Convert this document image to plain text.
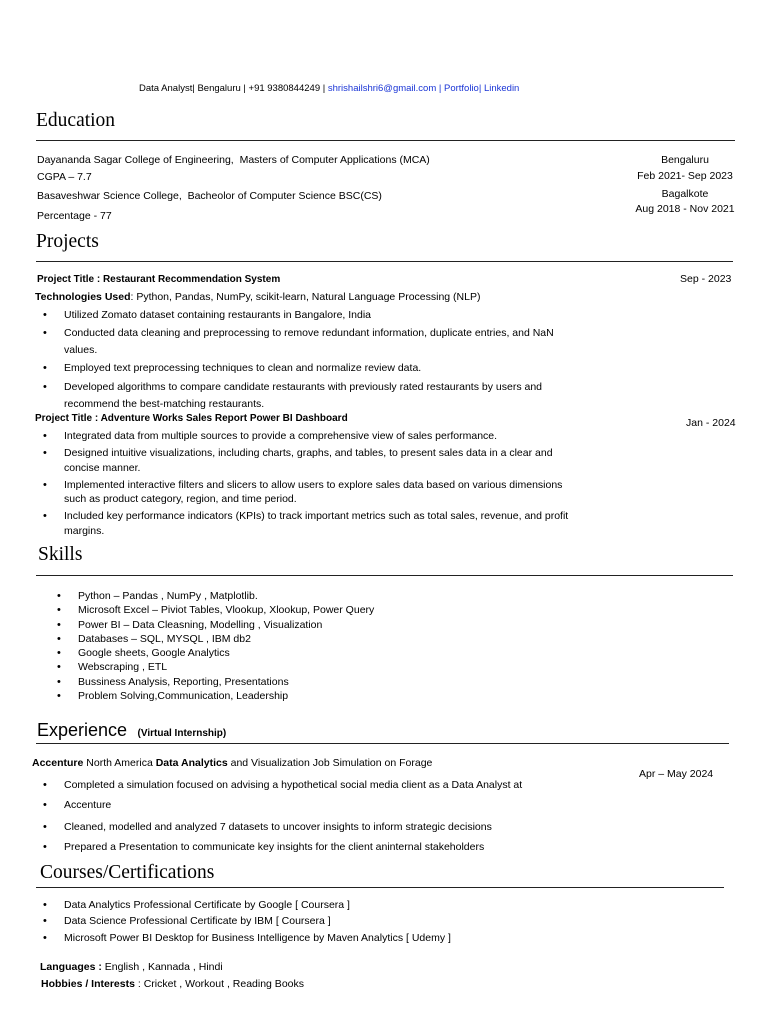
Data Analyst| Bengaluru | +91 9380844249 | shrishailshri6@gmail.com | Portfolio| Linkedin
Education
Dayananda Sagar College of Engineering, Masters of Computer Applications (MCA)
CGPA – 7.7
Bengaluru
Feb 2021- Sep 2023
Basaveshwar Science College, Bacheolor of Computer Science BSC(CS)
Percentage - 77
Bagalkote
Aug 2018 - Nov 2021
Projects
Project Title : Restaurant Recommendation System	Sep - 2023
Technologies Used: Python, Pandas, NumPy, scikit-learn, Natural Language Processing (NLP)
• Utilized Zomato dataset containing restaurants in Bangalore, India
• Conducted data cleaning and preprocessing to remove redundant information, duplicate entries, and NaN values.
• Employed text preprocessing techniques to clean and normalize review data.
• Developed algorithms to compare candidate restaurants with previously rated restaurants by users and recommend the best-matching restaurants.
Project Title : Adventure Works Sales Report Power BI Dashboard	Jan - 2024
• Integrated data from multiple sources to provide a comprehensive view of sales performance.
• Designed intuitive visualizations, including charts, graphs, and tables, to present sales data in a clear and concise manner.
• Implemented interactive filters and slicers to allow users to explore sales data based on various dimensions such as product category, region, and time period.
• Included key performance indicators (KPIs) to track important metrics such as total sales, revenue, and profit margins.
Skills
• Python – Pandas , NumPy , Matplotlib.
• Microsoft Excel – Piviot Tables, Vlookup, Xlookup, Power Query
• Power BI – Data Cleasning, Modelling , Visualization
• Databases – SQL, MYSQL , IBM db2
• Google sheets, Google Analytics
• Webscraping , ETL
• Bussiness Analysis, Reporting, Presentations
• Problem Solving,Communication, Leadership
Experience (Virtual Internship)
Accenture North America Data Analytics and Visualization Job Simulation on Forage
Apr – May 2024
• Completed a simulation focused on advising a hypothetical social media client as a Data Analyst at
• Accenture
• Cleaned, modelled and analyzed 7 datasets to uncover insights to inform strategic decisions
• Prepared a Presentation to communicate key insights for the client aninternal stakeholders
Courses/Certifications
• Data Analytics Professional Certificate by Google [ Coursera ]
• Data Science Professional Certificate by IBM [ Coursera ]
• Microsoft Power BI Desktop for Business Intelligence by Maven Analytics [ Udemy ]
Languages : English , Kannada , Hindi
Hobbies / Interests : Cricket , Workout , Reading Books
